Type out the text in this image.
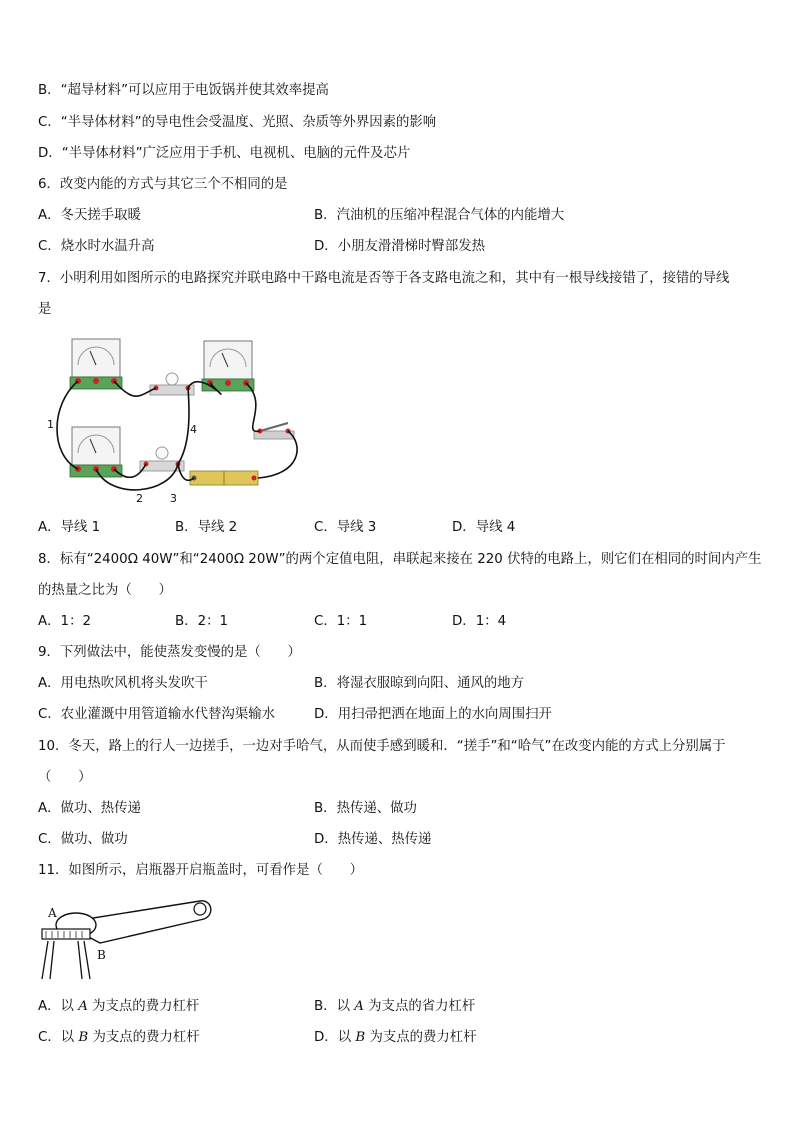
B．“超导材料”可以应用于电饭锅并使其效率提高
C．“半导体材料”的导电性会受温度、光照、杂质等外界因素的影响
D．“半导体材料”广泛应用于手机、电视机、电脑的元件及芯片
6．改变内能的方式与其它三个不相同的是
A．冬天搓手取暖	B．汽油机的压缩冲程混合气体的内能增大
C．烧水时水温升高	D．小朋友滑滑梯时臀部发热
7．小明利用如图所示的电路探究并联电路中干路电流是否等于各支路电流之和，其中有一根导线接错了，接错的导线
是
1
2 3
4
A．导线 1	B．导线 2	C．导线 3	D．导线 4
8．标有“2400Ω 40W”和“2400Ω 20W”的两个定值电阻，串联起来接在 220 伏特的电路上，则它们在相同的时间内产生
的热量之比为（　　）
A．1：2	B．2：1	C．1：1	D．1：4
9．下列做法中，能使蒸发变慢的是（　　）
A．用电热吹风机将头发吹干	B．将湿衣服晾到向阳、通风的地方
C．农业灌溉中用管道输水代替沟渠输水	D．用扫帚把洒在地面上的水向周围扫开
10．冬天，路上的行人一边搓手，一边对手哈气，从而使手感到暖和．“搓手”和“哈气”在改变内能的方式上分别属于
（　　）
A．做功、热传递	B．热传递、做功
C．做功、做功	D．热传递、热传递
11．如图所示，启瓶器开启瓶盖时，可看作是（　　）
A
B
A．以 A 为支点的费力杠杆	B．以 A 为支点的省力杠杆
C．以 B 为支点的费力杠杆	D．以 B 为支点的费力杠杆
